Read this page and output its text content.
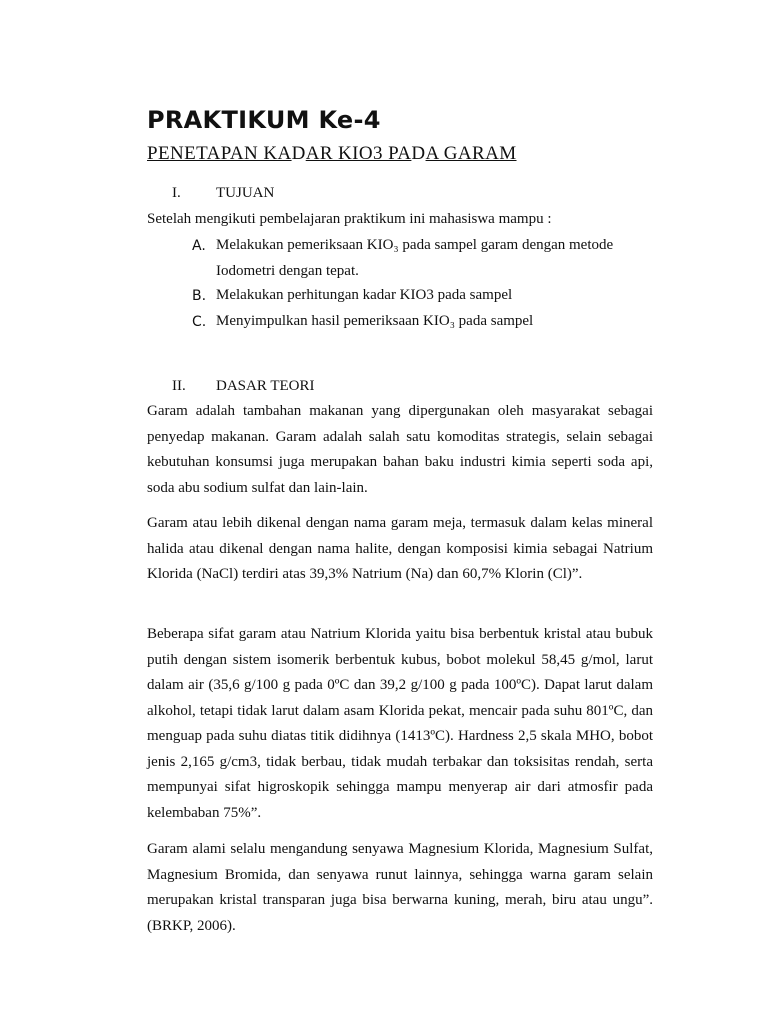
PRAKTIKUM Ke-4
PENETAPAN KADAR KIO3 PADA GARAM
I. TUJUAN
Setelah mengikuti pembelajaran praktikum ini mahasiswa mampu :
A. Melakukan pemeriksaan KIO₃ pada sampel garam dengan metode
Iodometri dengan tepat.
B. Melakukan perhitungan kadar KIO3 pada sampel
C. Menyimpulkan hasil pemeriksaan KIO₃ pada sampel
II. DASAR TEORI

Garam adalah tambahan makanan yang dipergunakan oleh masyarakat sebagai penyedap makanan. Garam adalah salah satu komoditas strategis, selain sebagai kebutuhan konsumsi juga merupakan bahan baku industri kimia seperti soda api, soda abu sodium sulfat dan lain-lain.

Garam atau lebih dikenal dengan nama garam meja, termasuk dalam kelas mineral halida atau dikenal dengan nama halite, dengan komposisi kimia sebagai Natrium Klorida (NaCl) terdiri atas 39,3% Natrium (Na) dan 60,7% Klorin (Cl)”.

Beberapa sifat garam atau Natrium Klorida yaitu bisa berbentuk kristal atau bubuk putih dengan sistem isomerik berbentuk kubus, bobot molekul 58,45 g/mol, larut dalam air (35,6 g/100 g pada 0ºC dan 39,2 g/100 g pada 100ºC). Dapat larut dalam alkohol, tetapi tidak larut dalam asam Klorida pekat, mencair pada suhu 801ºC, dan menguap pada suhu diatas titik didihnya (1413ºC). Hardness 2,5 skala MHO, bobot jenis 2,165 g/cm3, tidak berbau, tidak mudah terbakar dan toksisitas rendah, serta mempunyai sifat higroskopik sehingga mampu menyerap air dari atmosfir pada kelembaban 75%”.

Garam alami selalu mengandung senyawa Magnesium Klorida, Magnesium Sulfat, Magnesium Bromida, dan senyawa runut lainnya, sehingga warna garam selain merupakan kristal transparan juga bisa berwarna kuning, merah, biru atau ungu”. (BRKP, 2006).
